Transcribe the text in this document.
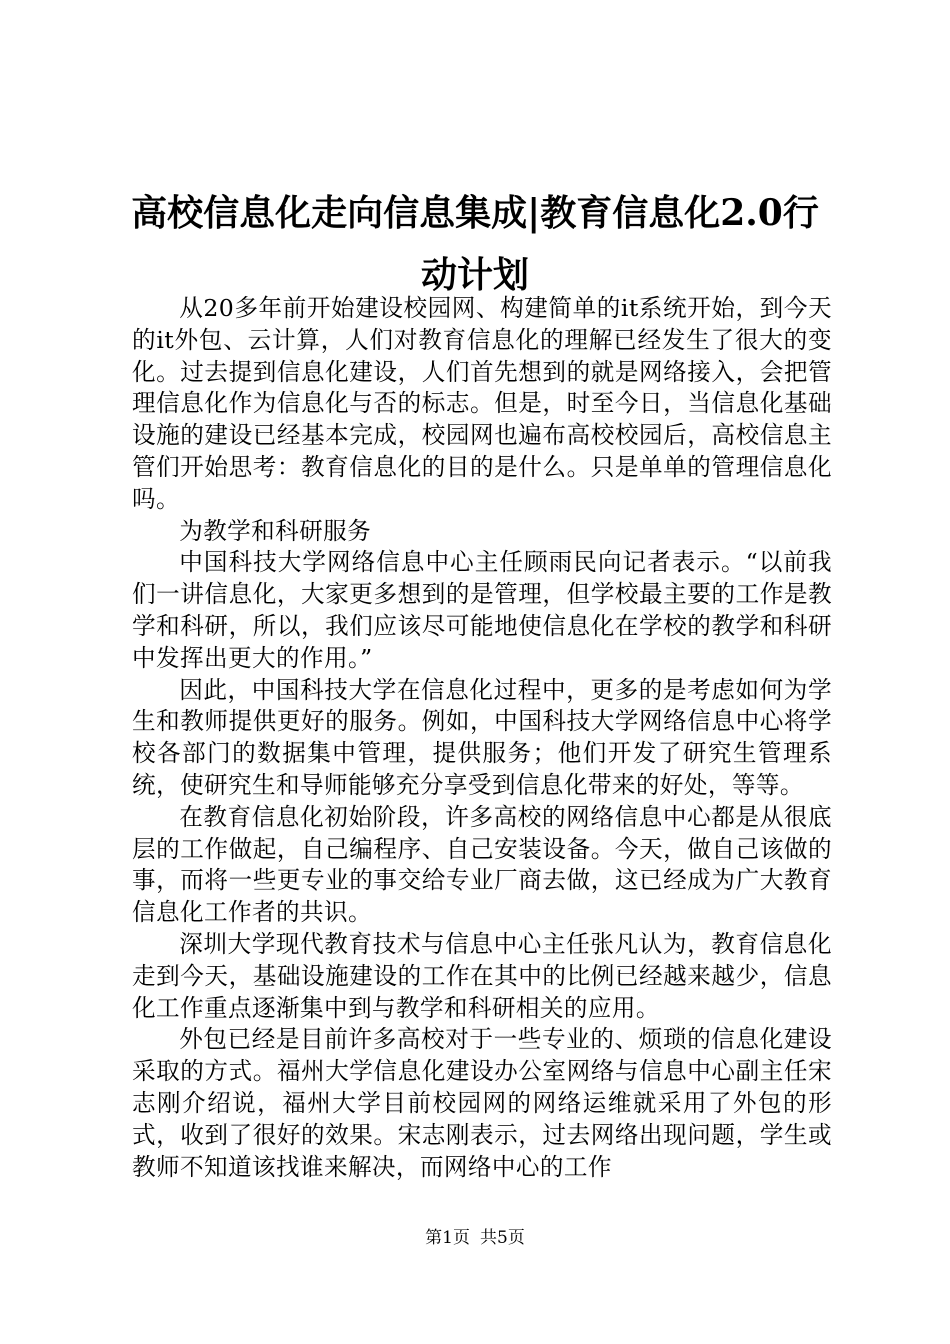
高校信息化走向信息集成|教育信息化2.0行动计划

从20多年前开始建设校园网、构建简单的it系统开始，到今天的it外包、云计算，人们对教育信息化的理解已经发生了很大的变化。过去提到信息化建设，人们首先想到的就是网络接入，会把管理信息化作为信息化与否的标志。但是，时至今日，当信息化基础设施的建设已经基本完成，校园网也遍布高校校园后，高校信息主管们开始思考：教育信息化的目的是什么。只是单单的管理信息化吗。

为教学和科研服务

中国科技大学网络信息中心主任顾雨民向记者表示。“以前我们一讲信息化，大家更多想到的是管理，但学校最主要的工作是教学和科研，所以，我们应该尽可能地使信息化在学校的教学和科研中发挥出更大的作用。”

因此，中国科技大学在信息化过程中，更多的是考虑如何为学生和教师提供更好的服务。例如，中国科技大学网络信息中心将学校各部门的数据集中管理，提供服务；他们开发了研究生管理系统，使研究生和导师能够充分享受到信息化带来的好处，等等。

在教育信息化初始阶段，许多高校的网络信息中心都是从很底层的工作做起，自己编程序、自己安装设备。今天，做自己该做的事，而将一些更专业的事交给专业厂商去做，这已经成为广大教育信息化工作者的共识。

深圳大学现代教育技术与信息中心主任张凡认为，教育信息化走到今天，基础设施建设的工作在其中的比例已经越来越少，信息化工作重点逐渐集中到与教学和科研相关的应用。

外包已经是目前许多高校对于一些专业的、烦琐的信息化建设采取的方式。福州大学信息化建设办公室网络与信息中心副主任宋志刚介绍说，福州大学目前校园网的网络运维就采用了外包的形式，收到了很好的效果。宋志刚表示，过去网络出现问题，学生或教师不知道该找谁来解决，而网络中心的工作

第1页 共5页
